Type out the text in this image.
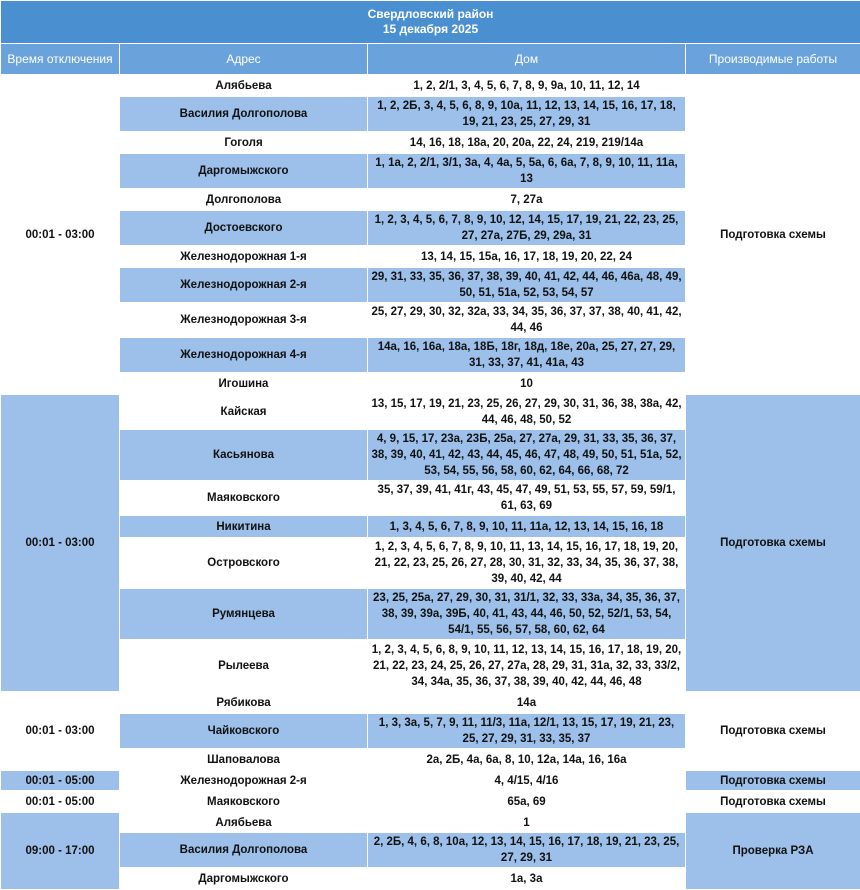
Свердловский район
15 декабря 2025			

Время отключения	Адрес	Дом	Производимые работы
00:01 - 03:00	Алябьева	1, 2, 2/1, 3, 4, 5, 6, 7, 8, 9, 9а, 10, 11, 12, 14	Подготовка схемы
	Василия Долгополова	1, 2, 2Б, 3, 4, 5, 6, 8, 9, 10а, 11, 12, 13, 14, 15, 16, 17, 18, 19, 21, 23, 25, 27, 29, 31	
	Гоголя	14, 16, 18, 18а, 20, 20а, 22, 24, 219, 219/14а	
	Даргомыжского	1, 1а, 2, 2/1, 3/1, 3а, 4, 4а, 5, 5а, 6, 6а, 7, 8, 9, 10, 11, 11а, 13	
	Долгополова	7, 27а	
	Достоевского	1, 2, 3, 4, 5, 6, 7, 8, 9, 10, 12, 14, 15, 17, 19, 21, 22, 23, 25, 27, 27а, 27Б, 29, 29а, 31	
	Железнодорожная 1-я	13, 14, 15, 15а, 16, 17, 18, 19, 20, 22, 24	
	Железнодорожная 2-я	29, 31, 33, 35, 36, 37, 38, 39, 40, 41, 42, 44, 46, 46а, 48, 49, 50, 51, 51а, 52, 53, 54, 57	
	Железнодорожная 3-я	25, 27, 29, 30, 32, 32а, 33, 34, 35, 36, 37, 37, 38, 40, 41, 42, 44, 46	
	Железнодорожная 4-я	14а, 16, 16а, 18а, 18Б, 18г, 18д, 18е, 20а, 25, 27, 27, 29, 31, 33, 37, 41, 41а, 43	
	Игошина	10	
00:01 - 03:00	Кайская	13, 15, 17, 19, 21, 23, 25, 26, 27, 29, 30, 31, 36, 38, 38а, 42, 44, 46, 48, 50, 52	Подготовка схемы
	Касьянова	4, 9, 15, 17, 23а, 23Б, 25а, 27, 27а, 29, 31, 33, 35, 36, 37, 38, 39, 40, 41, 42, 43, 44, 45, 46, 47, 48, 49, 50, 51, 51а, 52, 53, 54, 55, 56, 58, 60, 62, 64, 66, 68, 72	
	Маяковского	35, 37, 39, 41, 41г, 43, 45, 47, 49, 51, 53, 55, 57, 59, 59/1, 61, 63, 69	
	Никитина	1, 3, 4, 5, 6, 7, 8, 9, 10, 11, 11а, 12, 13, 14, 15, 16, 18	
	Островского	1, 2, 3, 4, 5, 6, 7, 8, 9, 10, 11, 13, 14, 15, 16, 17, 18, 19, 20, 21, 22, 23, 25, 26, 27, 28, 30, 31, 32, 33, 34, 35, 36, 37, 38, 39, 40, 42, 44	
	Румянцева	23, 25, 25а, 27, 29, 30, 31, 31/1, 32, 33, 33а, 34, 35, 36, 37, 38, 39, 39а, 39Б, 40, 41, 43, 44, 46, 50, 52, 52/1, 53, 54, 54/1, 55, 56, 57, 58, 60, 62, 64	
	Рылеева	1, 2, 3, 4, 5, 6, 8, 9, 10, 11, 12, 13, 14, 15, 16, 17, 18, 19, 20, 21, 22, 23, 24, 25, 26, 27, 27а, 28, 29, 31, 31а, 32, 33, 33/2, 34, 34а, 35, 36, 37, 38, 39, 40, 42, 44, 46, 48	
00:01 - 03:00	Рябикова	14а	Подготовка схемы
	Чайковского	1, 3, 3а, 5, 7, 9, 11, 11/3, 11а, 12/1, 13, 15, 17, 19, 21, 23, 25, 27, 29, 31, 33, 35, 37	
	Шаповалова	2а, 2Б, 4а, 6а, 8, 10, 12а, 14а, 16, 16а	
00:01 - 05:00	Железнодорожная 2-я	4, 4/15, 4/16	Подготовка схемы
00:01 - 05:00	Маяковского	65а, 69	Подготовка схемы
09:00 - 17:00	Алябьева	1	Проверка РЗА
	Василия Долгополова	2, 2Б, 4, 6, 8, 10а, 12, 13, 14, 15, 16, 17, 18, 19, 21, 23, 25, 27, 29, 31	
	Даргомыжского	1а, 3а	
